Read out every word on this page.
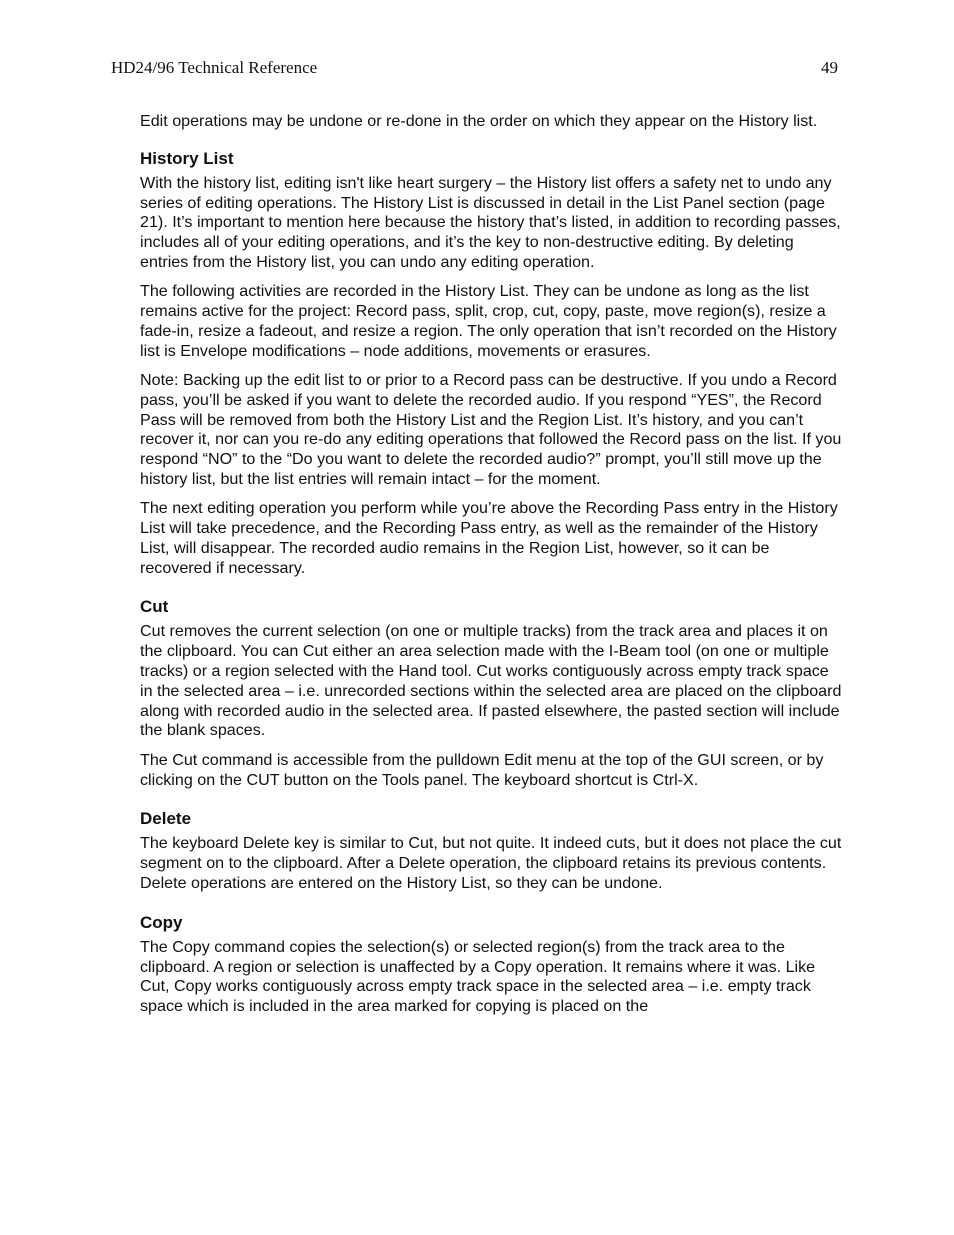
HD24/96 Technical Reference	49

Edit operations may be undone or re-done in the order on which they appear on the History list.

History List

With the history list, editing isn't like heart surgery – the History list offers a safety net to undo any series of editing operations. The History List is discussed in detail in the List Panel section (page 21). It’s important to mention here because the history that’s listed, in addition to recording passes, includes all of your editing operations, and it’s the key to non-destructive editing. By deleting entries from the History list, you can undo any editing operation.

The following activities are recorded in the History List. They can be undone as long as the list remains active for the project: Record pass, split, crop, cut, copy, paste, move region(s), resize a fade-in, resize a fadeout, and resize a region. The only operation that isn’t recorded on the History list is Envelope modifications – node additions, movements or erasures.

Note: Backing up the edit list to or prior to a Record pass can be destructive. If you undo a Record pass, you’ll be asked if you want to delete the recorded audio. If you respond “YES”, the Record Pass will be removed from both the History List and the Region List. It’s history, and you can’t recover it, nor can you re-do any editing operations that followed the Record pass on the list. If you respond “NO” to the “Do you want to delete the recorded audio?” prompt, you’ll still move up the history list, but the list entries will remain intact – for the moment.

The next editing operation you perform while you’re above the Recording Pass entry in the History List will take precedence, and the Recording Pass entry, as well as the remainder of the History List, will disappear. The recorded audio remains in the Region List, however, so it can be recovered if necessary.

Cut

Cut removes the current selection (on one or multiple tracks) from the track area and places it on the clipboard. You can Cut either an area selection made with the I-Beam tool (on one or multiple tracks) or a region selected with the Hand tool. Cut works contiguously across empty track space in the selected area – i.e. unrecorded sections within the selected area are placed on the clipboard along with recorded audio in the selected area. If pasted elsewhere, the pasted section will include the blank spaces.

The Cut command is accessible from the pulldown Edit menu at the top of the GUI screen, or by clicking on the CUT button on the Tools panel. The keyboard shortcut is Ctrl-X.

Delete

The keyboard Delete key is similar to Cut, but not quite. It indeed cuts, but it does not place the cut segment on to the clipboard. After a Delete operation, the clipboard retains its previous contents. Delete operations are entered on the History List, so they can be undone.

Copy

The Copy command copies the selection(s) or selected region(s) from the track area to the clipboard. A region or selection is unaffected by a Copy operation. It remains where it was. Like Cut, Copy works contiguously across empty track space in the selected area – i.e. empty track space which is included in the area marked for copying is placed on the
